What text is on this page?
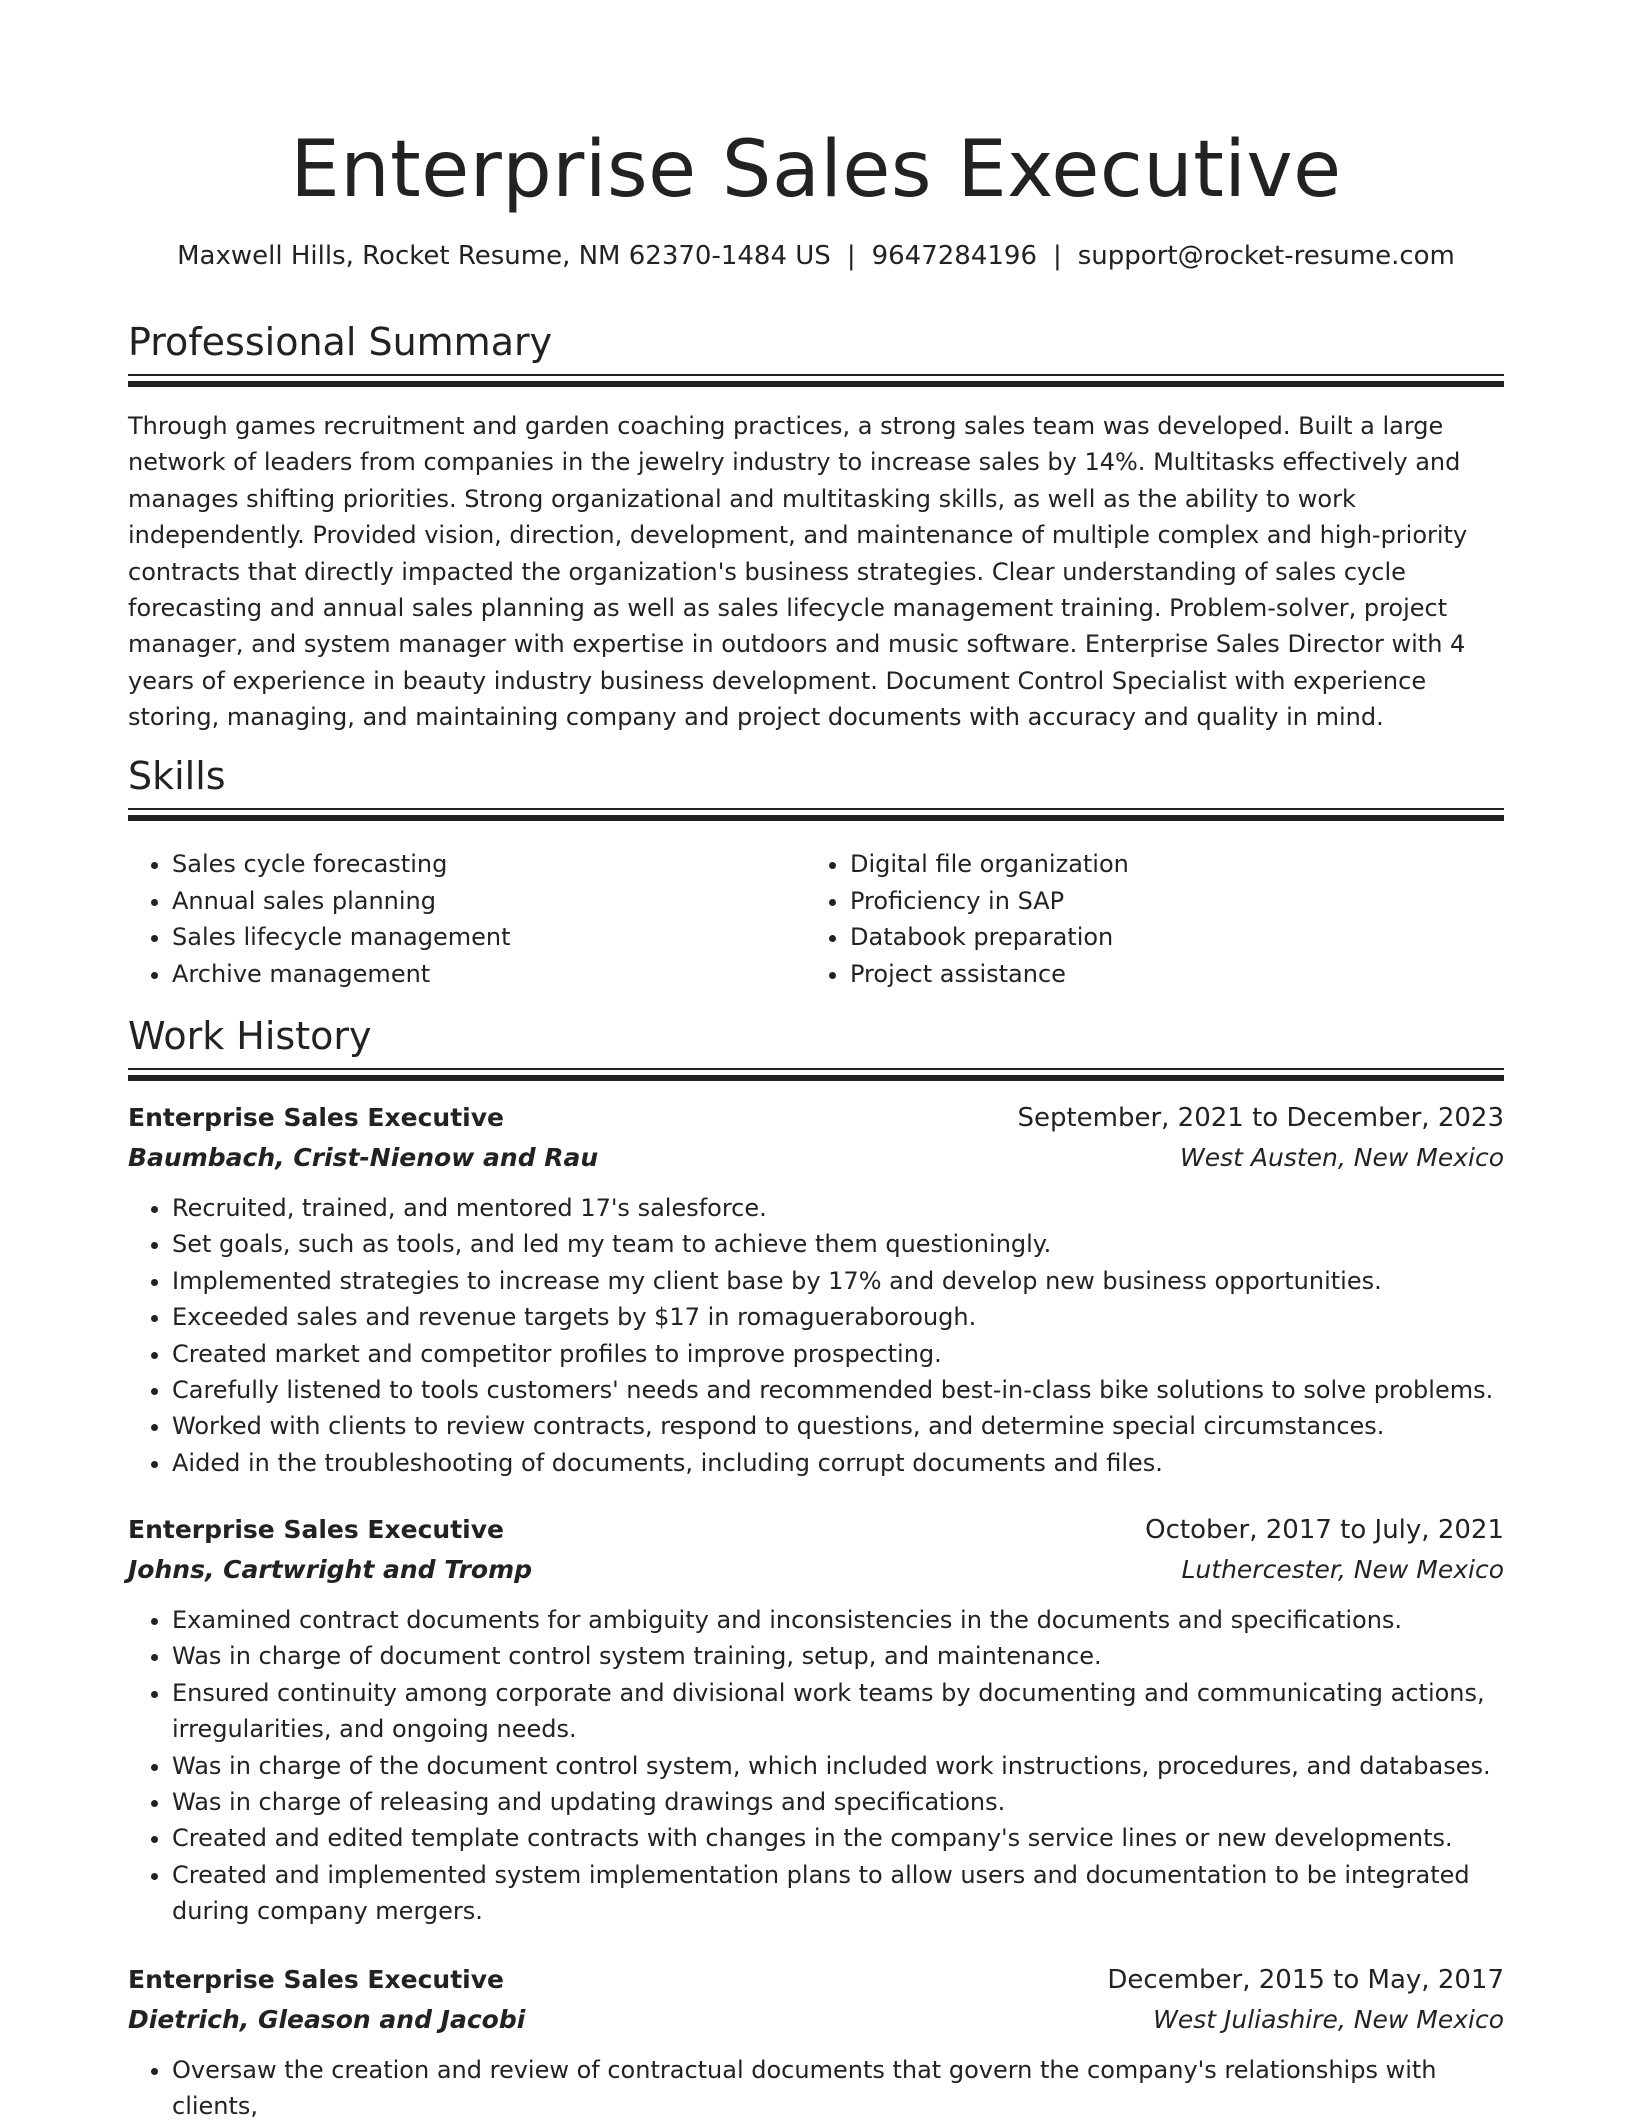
Enterprise Sales Executive
Maxwell Hills, Rocket Resume, NM 62370-1484 US | 9647284196 | support@rocket-resume.com
Professional Summary

Through games recruitment and garden coaching practices, a strong sales team was developed. Built a large network of leaders from companies in the jewelry industry to increase sales by 14%. Multitasks effectively and manages shifting priorities. Strong organizational and multitasking skills, as well as the ability to work independently. Provided vision, direction, development, and maintenance of multiple complex and high-priority contracts that directly impacted the organization's business strategies. Clear understanding of sales cycle forecasting and annual sales planning as well as sales lifecycle management training. Problem-solver, project manager, and system manager with expertise in outdoors and music software. Enterprise Sales Director with 4 years of experience in beauty industry business development. Document Control Specialist with experience storing, managing, and maintaining company and project documents with accuracy and quality in mind.

Skills
• Sales cycle forecasting
• Annual sales planning
• Sales lifecycle management
• Archive management
• Digital file organization
• Proficiency in SAP
• Databook preparation
• Project assistance
Work History
Enterprise Sales Executive	September, 2021 to December, 2023
Baumbach, Crist-Nienow and Rau	West Austen, New Mexico
• Recruited, trained, and mentored 17's salesforce.
• Set goals, such as tools, and led my team to achieve them questioningly.
• Implemented strategies to increase my client base by 17% and develop new business opportunities.
• Exceeded sales and revenue targets by $17 in romagueraborough.
• Created market and competitor profiles to improve prospecting.
• Carefully listened to tools customers' needs and recommended best-in-class bike solutions to solve problems.
• Worked with clients to review contracts, respond to questions, and determine special circumstances.
• Aided in the troubleshooting of documents, including corrupt documents and files.
Enterprise Sales Executive	October, 2017 to July, 2021
Johns, Cartwright and Tromp	Luthercester, New Mexico
• Examined contract documents for ambiguity and inconsistencies in the documents and specifications.
• Was in charge of document control system training, setup, and maintenance.
• Ensured continuity among corporate and divisional work teams by documenting and communicating actions, irregularities, and ongoing needs.
• Was in charge of the document control system, which included work instructions, procedures, and databases.
• Was in charge of releasing and updating drawings and specifications.
• Created and edited template contracts with changes in the company's service lines or new developments.
• Created and implemented system implementation plans to allow users and documentation to be integrated during company mergers.
Enterprise Sales Executive	December, 2015 to May, 2017
Dietrich, Gleason and Jacobi	West Juliashire, New Mexico
• Oversaw the creation and review of contractual documents that govern the company's relationships with clients,
